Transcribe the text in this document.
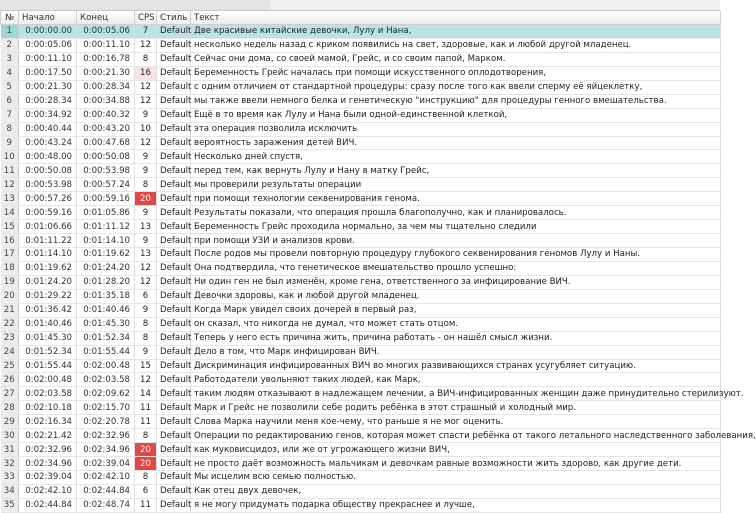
№	Начало	Конец	CPS	Стиль	Текст
1	0:00:00.00	0:00:05.06	7	Default	Две красивые китайские девочки, Лулу и Нана,
2	0:00:05.06	0:00:11.10	12	Default	несколько недель назад с криком появились на свет, здоровые, как и любой другой младенец.
3	0:00:11.10	0:00:16.78	8	Default	Сейчас они дома, со своей мамой, Грейс, и со своим папой, Марком.
4	0:00:17.50	0:00:21.30	16	Default	Беременность Грейс началась при помощи искусственного оплодотворения,
5	0:00:21.30	0:00:28.34	12	Default	с одним отличием от стандартной процедуры: сразу после того как ввели сперму её яйцеклетку,
6	0:00:28.34	0:00:34.88	12	Default	мы также ввели немного белка и генетическую "инструкцию" для процедуры генного вмешательства.
7	0:00:34.92	0:00:40.32	9	Default	Ещё в то время как Лулу и Нана были одной-единственной клеткой,
8	0:00:40.44	0:00:43.20	10	Default	эта операция позволила исключить
9	0:00:43.24	0:00:47.68	12	Default	вероятность заражения детей ВИЧ.
10	0:00:48.00	0:00:50.08	9	Default	Несколько дней спустя,
11	0:00:50.08	0:00:53.98	9	Default	перед тем, как вернуть Лулу и Нану в матку Грейс,
12	0:00:53.98	0:00:57.24	8	Default	мы проверили результаты операции
13	0:00:57.26	0:00:59.16	20	Default	при помощи технологии секвенирования генома.
14	0:00:59.16	0:01:05.86	9	Default	Результаты показали, что операция прошла благополучно, как и планировалось.
15	0:01:06.66	0:01:11.12	13	Default	Беременность Грейс проходила нормально, за чем мы тщательно следили
16	0:01:11.22	0:01:14.10	9	Default	при помощи УЗИ и анализов крови.
17	0:01:14.10	0:01:19.62	13	Default	После родов мы провели повторную процедуру глубокого секвенирования геномов Лулу и Наны.
18	0:01:19.62	0:01:24.20	12	Default	Она подтвердила, что генетическое вмешательство прошло успешно:
19	0:01:24.20	0:01:28.20	12	Default	Ни один ген не был изменён, кроме гена, ответственного за инфицирование ВИЧ.
20	0:01:29.22	0:01:35.18	6	Default	Девочки здоровы, как и любой другой младенец.
21	0:01:36.42	0:01:40.46	9	Default	Когда Марк увидел своих дочерей в первый раз,
22	0:01:40.46	0:01:45.30	8	Default	он сказал, что никогда не думал, что может стать отцом.
23	0:01:45.30	0:01:52.34	8	Default	Теперь у него есть причина жить, причина работать - он нашёл смысл жизни.
24	0:01:52.34	0:01:55.44	9	Default	Дело в том, что Марк инфицирован ВИЧ.
25	0:01:55.44	0:02:00.48	15	Default	Дискриминация инфицированных ВИЧ во многих развивающихся странах усугубляет ситуацию.
26	0:02:00.48	0:02:03.58	12	Default	Работодатели увольняют таких людей, как Марк,
27	0:02:03.58	0:02:09.62	14	Default	таким людям отказывают в надлежащем лечении, а ВИЧ-инфицированных женщин даже принудительно стерилизуют.
28	0:02:10.18	0:02:15.70	11	Default	Марк и Грейс не позволили себе родить ребёнка в этот страшный и холодный мир.
29	0:02:16.34	0:02:20.78	11	Default	Слова Марка научили меня кое-чему, что раньше я не мог оценить.
30	0:02:21.42	0:02:32.96	8	Default	Операции по редактированию генов, которая может спасти ребёнка от такого летального наследственного заболевания,
31	0:02:32.96	0:02:34.96	20	Default	как муковисцидоз, или же от угрожающего жизни ВИЧ,
32	0:02:34.96	0:02:39.04	20	Default	не просто даёт возможность мальчикам и девочкам равные возможности жить здорово, как другие дети.
33	0:02:39.04	0:02:42.10	8	Default	Мы исцелим всю семью полностью.
34	0:02:42.10	0:02:44.84	6	Default	Как отец двух девочек,
35	0:02:44.84	0:02:48.74	11	Default	я не могу придумать подарка обществу прекраснее и лучше,
